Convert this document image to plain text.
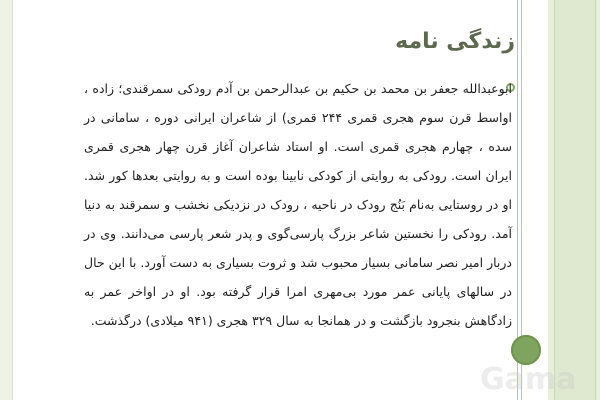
زندگی نامه
ابوعبدالله جعفر بن محمد بن حکیم بن عبدالرحمن بن آدم رودکی سمرقندی؛ زاده ، اواسط قرن سوم هجری قمری ۲۴۴ قمری) از شاعران ایرانی دوره ، سامانی در سده ، چهارم هجری قمری است. او استاد شاعران آغاز قرن چهار هجری قمری ایران است. رودکی به روایتی از کودکی نابینا بوده است و به روایتی بعدها کور شد. او در روستایی به‌نام بَنُج رودک در ناحیه ، رودک در نزدیکی نخشب و سمرقند به دنیا آمد. رودکی را نخستین شاعر بزرگ پارسی‌گوی و پدر شعر پارسی می‌دانند. وی در دربار امیر نصر سامانی بسیار محبوب شد و ثروت بسیاری به دست آورد. با این حال در سالهای پایانی عمر مورد بی‌مهری امرا قرار گرفته بود. او در اواخر عمر به زادگاهش بنجرود بازگشت و در همانجا به سال ۳۲۹ هجری (۹۴۱ میلادی) درگذشت.
Gama
